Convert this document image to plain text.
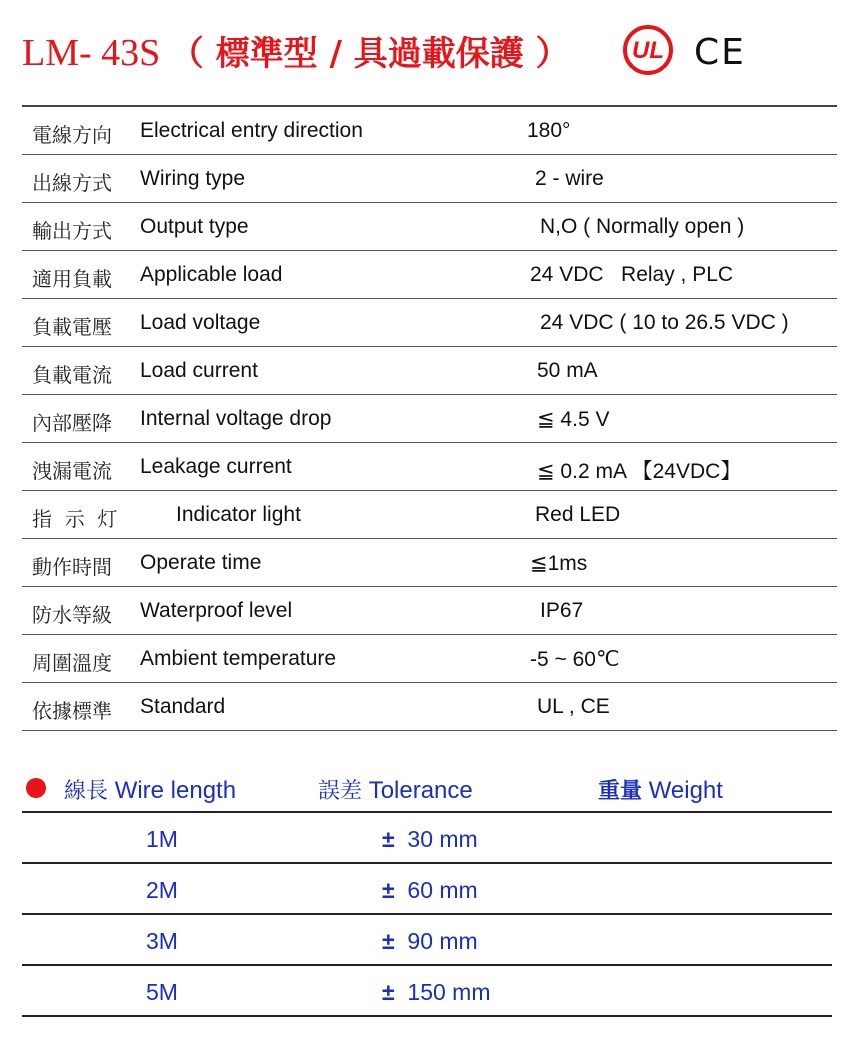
LM- 43S （ 標準型 / 具過載保護 ）	UL CE
電線方向 Electrical entry direction	180°
出線方式 Wiring type	2 - wire
輸出方式 Output type	N,O ( Normally open )
適用負載 Applicable load	24 VDC   Relay , PLC
負載電壓 Load voltage	24 VDC ( 10 to 26.5 VDC )
負載電流 Load current	50 mA
內部壓降 Internal voltage drop	≦ 4.5 V
洩漏電流 Leakage current	≦ 0.2 mA 【24VDC】
指  示  灯	Indicator light	Red LED
動作時間 Operate time	≦1ms
防水等級 Waterproof level	IP67
周圍溫度 Ambient temperature	-5 ~ 60℃
依據標準 Standard	UL , CE
線長 Wire length	誤差 Tolerance	重量 Weight
1M	± 30 mm
2M	± 60 mm
3M	± 90 mm
5M	± 150 mm
